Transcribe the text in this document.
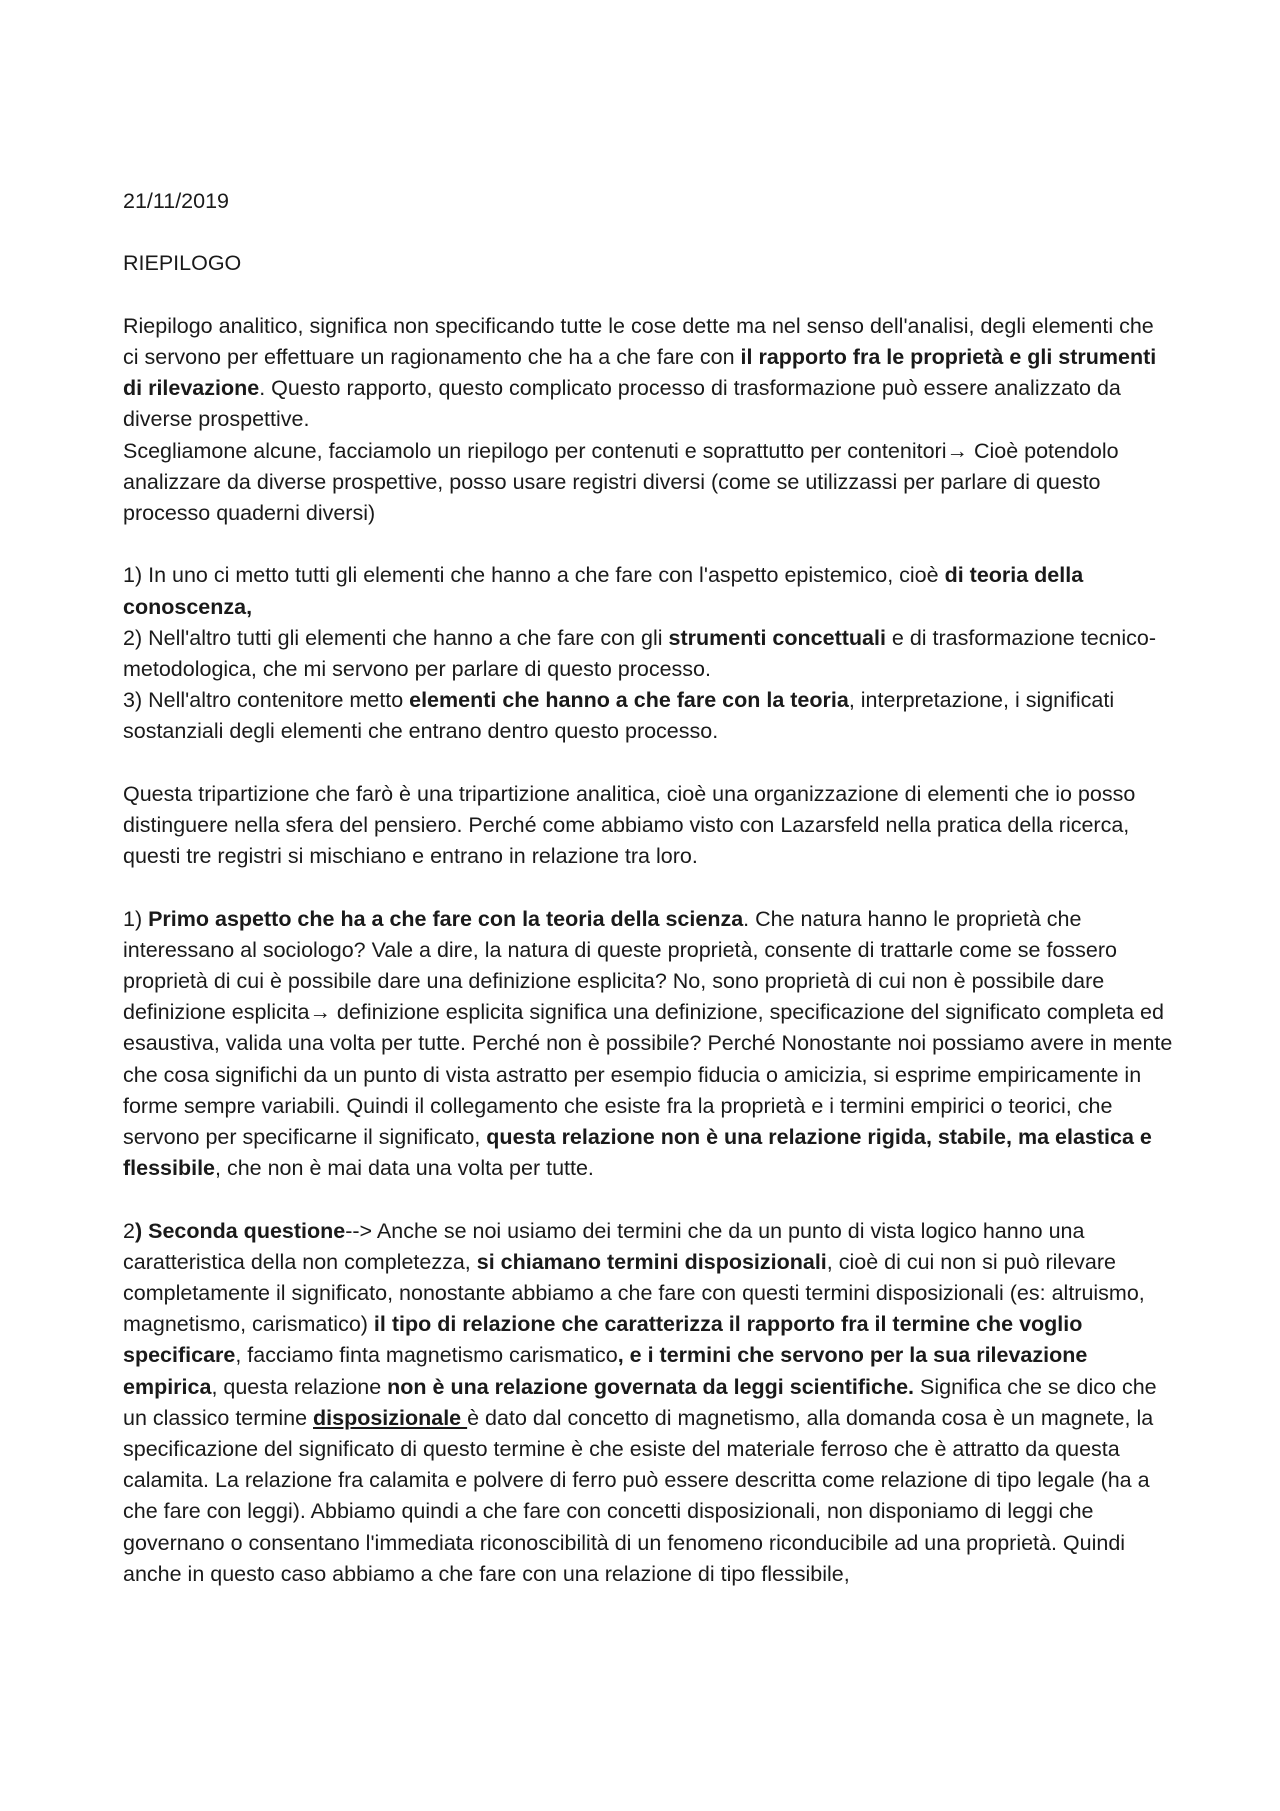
21/11/2019

RIEPILOGO

Riepilogo analitico, significa non specificando tutte le cose dette ma nel senso dell'analisi, degli elementi che ci servono per effettuare un ragionamento che ha a che fare con il rapporto fra le proprietà e gli strumenti di rilevazione. Questo rapporto, questo complicato processo di trasformazione può essere analizzato da diverse prospettive.

Scegliamone alcune, facciamolo un riepilogo per contenuti e soprattutto per contenitori→ Cioè potendolo analizzare da diverse prospettive, posso usare registri diversi (come se utilizzassi per parlare di questo processo quaderni diversi)

1) In uno ci metto tutti gli elementi che hanno a che fare con l'aspetto epistemico, cioè di teoria della conoscenza,

2) Nell'altro tutti gli elementi che hanno a che fare con gli strumenti concettuali e di trasformazione tecnico-metodologica, che mi servono per parlare di questo processo.

3) Nell'altro contenitore metto elementi che hanno a che fare con la teoria, interpretazione, i significati sostanziali degli elementi che entrano dentro questo processo.

Questa tripartizione che farò è una tripartizione analitica, cioè una organizzazione di elementi che io posso distinguere nella sfera del pensiero. Perché come abbiamo visto con Lazarsfeld nella pratica della ricerca, questi tre registri si mischiano e entrano in relazione tra loro.

1) Primo aspetto che ha a che fare con la teoria della scienza. Che natura hanno le proprietà che interessano al sociologo? Vale a dire, la natura di queste proprietà, consente di trattarle come se fossero proprietà di cui è possibile dare una definizione esplicita? No, sono proprietà di cui non è possibile dare definizione esplicita→ definizione esplicita significa una definizione, specificazione del significato completa ed esaustiva, valida una volta per tutte. Perché non è possibile? Perché Nonostante noi possiamo avere in mente che cosa significhi da un punto di vista astratto per esempio fiducia o amicizia, si esprime empiricamente in forme sempre variabili. Quindi il collegamento che esiste fra la proprietà e i termini empirici o teorici, che servono per specificarne il significato, questa relazione non è una relazione rigida, stabile, ma elastica e flessibile, che non è mai data una volta per tutte.

2) Seconda questione--> Anche se noi usiamo dei termini che da un punto di vista logico hanno una caratteristica della non completezza, si chiamano termini disposizionali, cioè di cui non si può rilevare completamente il significato, nonostante abbiamo a che fare con questi termini disposizionali (es: altruismo, magnetismo, carismatico) il tipo di relazione che caratterizza il rapporto fra il termine che voglio specificare, facciamo finta magnetismo carismatico, e i termini che servono per la sua rilevazione empirica, questa relazione non è una relazione governata da leggi scientifiche. Significa che se dico che un classico termine disposizionale è dato dal concetto di magnetismo, alla domanda cosa è un magnete, la specificazione del significato di questo termine è che esiste del materiale ferroso che è attratto da questa calamita. La relazione fra calamita e polvere di ferro può essere descritta come relazione di tipo legale (ha a che fare con leggi). Abbiamo quindi a che fare con concetti disposizionali, non disponiamo di leggi che governano o consentano l'immediata riconoscibilità di un fenomeno riconducibile ad una proprietà. Quindi anche in questo caso abbiamo a che fare con una relazione di tipo flessibile,
